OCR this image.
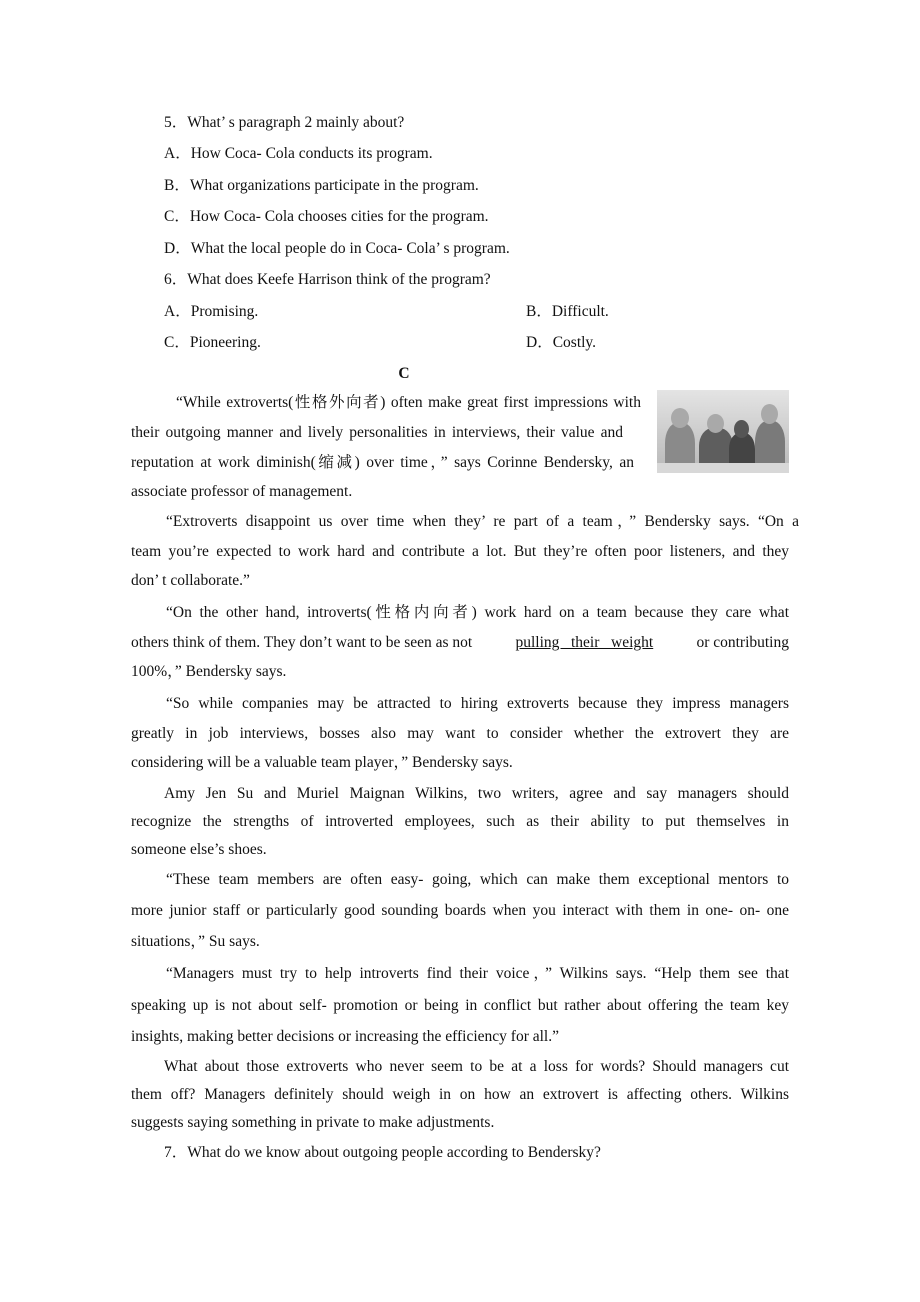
5．What’ s paragraph 2 mainly about?
A．How Coca- Cola conducts its program.
B．What organizations participate in the program.
C．How Coca- Cola chooses cities for the program.
D．What the local people do in Coca- Cola’ s program.
6．What does Keefe Harrison think of the program?
A．Promising.	B．Difficult.
C．Pioneering.	D．Costly.
C
“While extroverts(性格外向者) often make great first impressions with
their outgoing manner and lively personalities in interviews, their value and
reputation at work diminish(缩减) over time，” says Corinne Bendersky, an
associate professor of management.
“Extroverts disappoint us over time when they’ re part of a team，” Bendersky says. “On a
team you’re expected to work hard and contribute a lot. But they’re often poor listeners, and they
don’ t collaborate.”
“On the other hand, introverts(性格内向者) work hard on a team because they care what
others think of them. They don’t want to be seen as not	pulling   their   weight	or contributing
100%，” Bendersky says.
“So while companies may be attracted to hiring extroverts because they impress managers
greatly in job interviews, bosses also may want to consider whether the extrovert they are
considering will be a valuable team player，” Bendersky says.
Amy Jen Su and Muriel Maignan Wilkins, two writers, agree and say managers should
recognize the strengths of introverted employees, such as their ability to put themselves in
someone else’s shoes.
“These team members are often easy- going, which can make them exceptional mentors to
more junior staff or particularly good sounding boards when you interact with them in one- on- one
situations，” Su says.
“Managers must try to help introverts find their voice，” Wilkins says. “Help them see that
speaking up is not about self- promotion or being in conflict but rather about offering the team key
insights, making better decisions or increasing the efficiency for all.”
What about those extroverts who never seem to be at a loss for words? Should managers cut
them off? Managers definitely should weigh in on how an extrovert is affecting others. Wilkins
suggests saying something in private to make adjustments.
7．What do we know about outgoing people according to Bendersky?
